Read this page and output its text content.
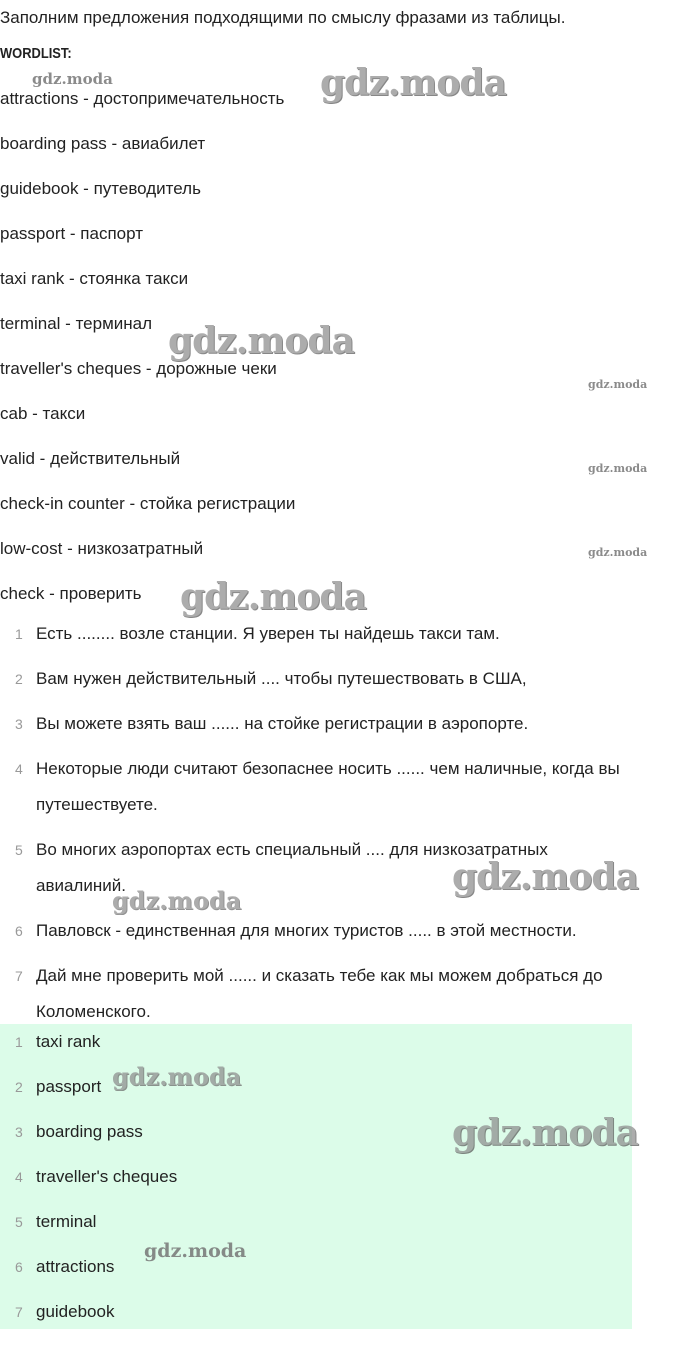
Заполним предложения подходящими по смыслу фразами из таблицы.
WORDLIST:
attractions - достопримечательность
boarding pass - авиабилет
guidebook - путеводитель
passport - паспорт
taxi rank - стоянка такси
terminal - терминал
traveller's cheques - дорожные чеки
cab - такси
valid - действительный
check-in counter - стойка регистрации
low-cost - низкозатратный
check - проверить
1 Есть ........ возле станции. Я уверен ты найдешь такси там.
2 Вам нужен действительный .... чтобы путешествовать в США,
3 Вы можете взять ваш ...... на стойке регистрации в аэропорте.
4 Некоторые люди считают безопаснее носить ...... чем наличные, когда вы путешествуете.
5 Во многих аэропортах есть специальный .... для низкозатратных авиалиний.
6 Павловск - единственная для многих туристов ..... в этой местности.
7 Дай мне проверить мой ...... и сказать тебе как мы можем добраться до Коломенского.
1 taxi rank
2 passport
3 boarding pass
4 traveller's cheques
5 terminal
6 attractions
7 guidebook
gdz.moda	gdz.moda
gdz.moda
gdz.moda
gdz.moda
gdz.moda
gdz.moda
gdz.moda
gdz.moda
gdz.moda
gdz.moda
gdz.moda
